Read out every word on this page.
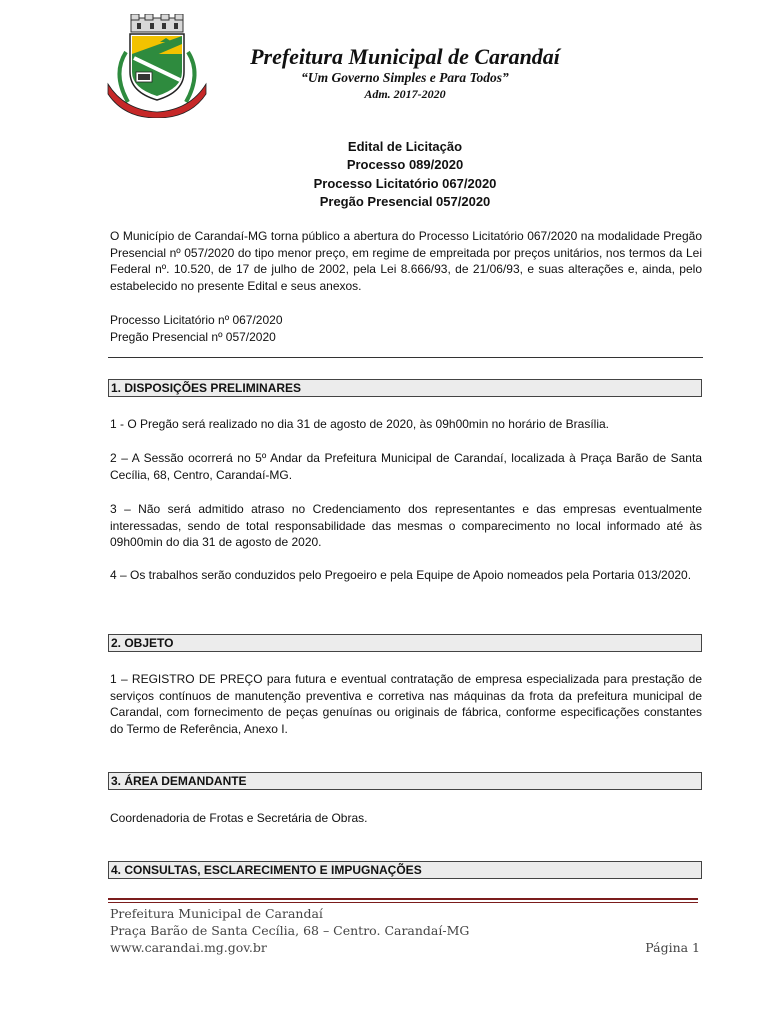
Prefeitura Municipal de Carandaí
“Um Governo Simples e Para Todos”
Adm. 2017-2020
Edital de Licitação
Processo 089/2020
Processo Licitatório 067/2020
Pregão Presencial 057/2020

O Município de Carandaí-MG torna público a abertura do Processo Licitatório 067/2020 na modalidade Pregão Presencial nº 057/2020 do tipo menor preço, em regime de empreitada por preços unitários, nos termos da Lei Federal nº. 10.520, de 17 de julho de 2002, pela Lei 8.666/93, de 21/06/93, e suas alterações e, ainda, pelo estabelecido no presente Edital e seus anexos.

Processo Licitatório nº 067/2020
Pregão Presencial nº 057/2020
1. DISPOSIÇÕES PRELIMINARES

1 - O Pregão será realizado no dia 31 de agosto de 2020, às 09h00min no horário de Brasília.

2 – A Sessão ocorrerá no 5º Andar da Prefeitura Municipal de Carandaí, localizada à Praça Barão de Santa Cecília, 68, Centro, Carandaí-MG.

3 – Não será admitido atraso no Credenciamento dos representantes e das empresas eventualmente interessadas, sendo de total responsabilidade das mesmas o comparecimento no local informado até às 09h00min do dia 31 de agosto de 2020.

4 – Os trabalhos serão conduzidos pelo Pregoeiro e pela Equipe de Apoio nomeados pela Portaria 013/2020.

2. OBJETO

1 – REGISTRO DE PREÇO para futura e eventual contratação de empresa especializada para prestação de serviços contínuos de manutenção preventiva e corretiva nas máquinas da frota da prefeitura municipal de Carandal, com fornecimento de peças genuínas ou originais de fábrica, conforme especificações constantes do Termo de Referência, Anexo I.

3. ÁREA DEMANDANTE

Coordenadoria de Frotas e Secretária de Obras.

4. CONSULTAS, ESCLARECIMENTO E IMPUGNAÇÕES
Prefeitura Municipal de Carandaí
Praça Barão de Santa Cecília, 68 – Centro. Carandaí-MG
www.carandai.mg.gov.br	Página 1
